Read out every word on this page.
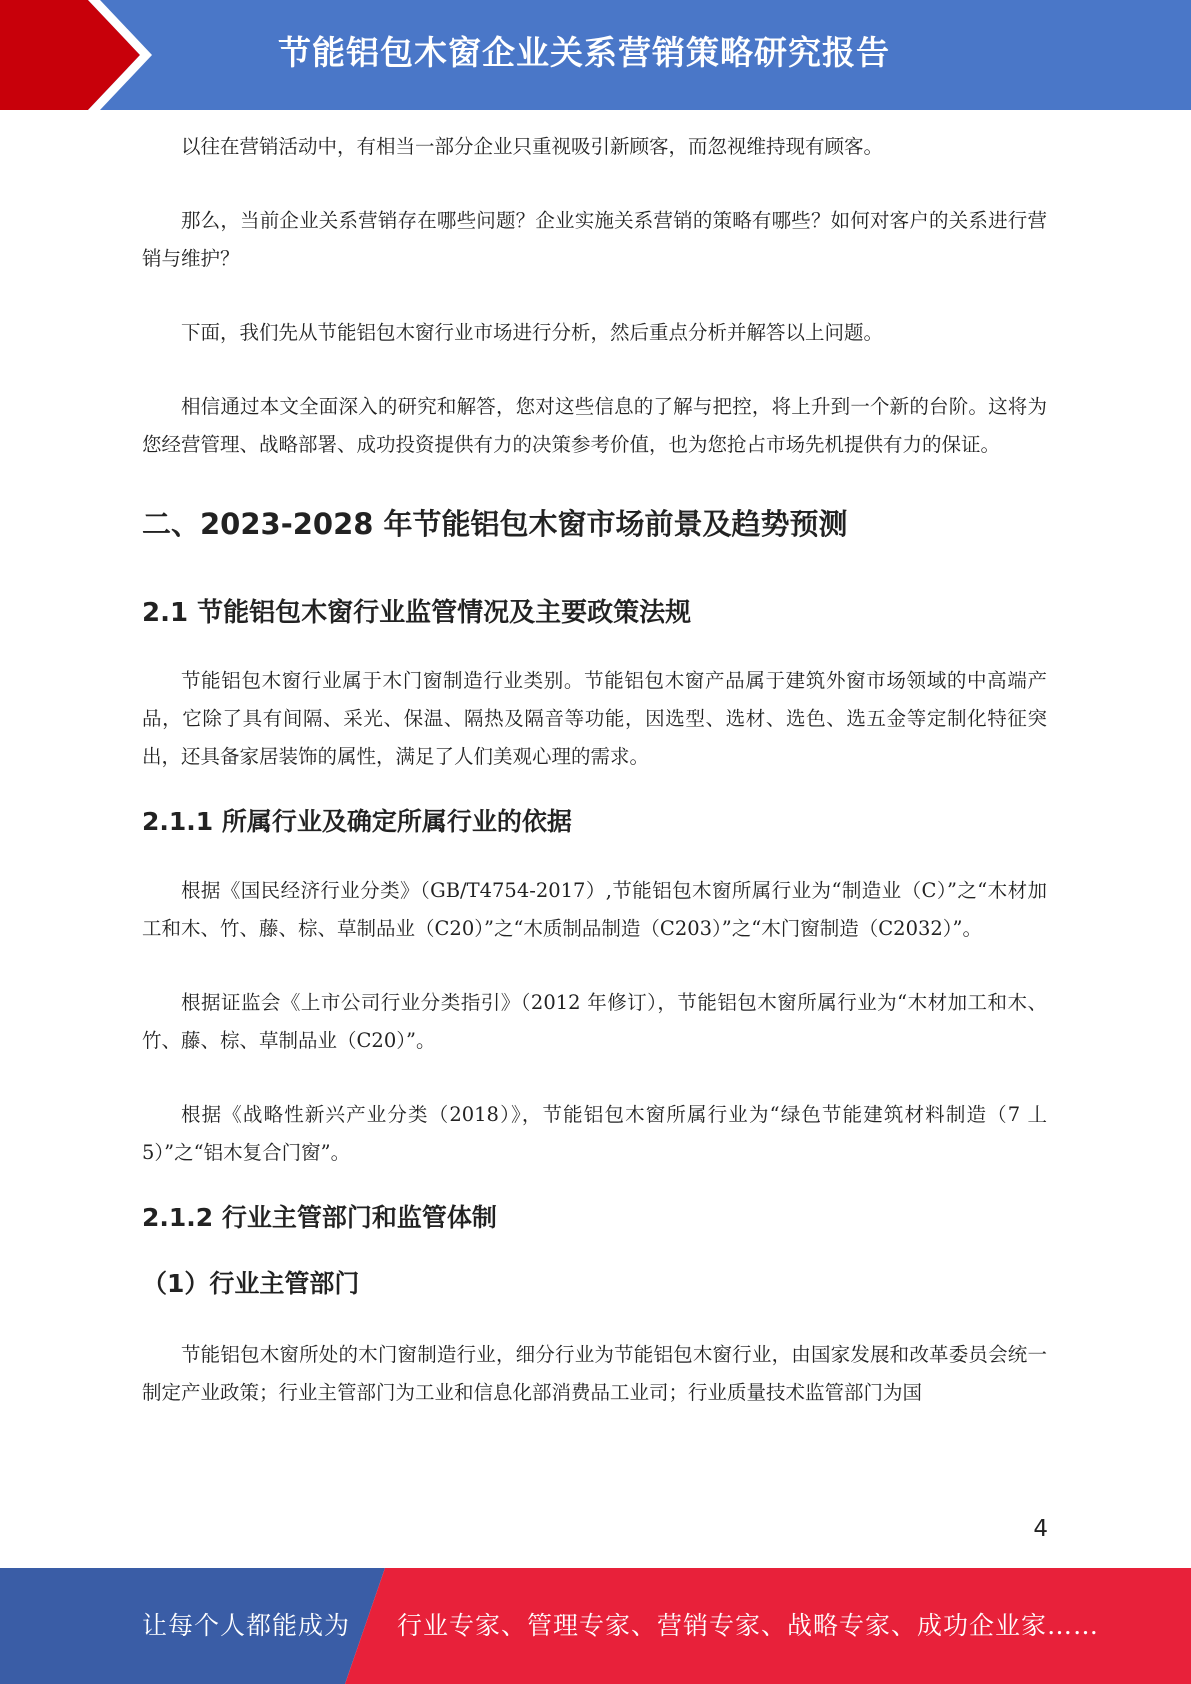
节能铝包木窗企业关系营销策略研究报告

以往在营销活动中，有相当一部分企业只重视吸引新顾客，而忽视维持现有顾客。

那么，当前企业关系营销存在哪些问题？企业实施关系营销的策略有哪些？如何对客户的关系进行营销与维护？

下面，我们先从节能铝包木窗行业市场进行分析，然后重点分析并解答以上问题。

相信通过本文全面深入的研究和解答，您对这些信息的了解与把控，将上升到一个新的台阶。这将为您经营管理、战略部署、成功投资提供有力的决策参考价值，也为您抢占市场先机提供有力的保证。

二、2023-2028 年节能铝包木窗市场前景及趋势预测
2.1 节能铝包木窗行业监管情况及主要政策法规

节能铝包木窗行业属于木门窗制造行业类别。节能铝包木窗产品属于建筑外窗市场领域的中高端产品，它除了具有间隔、采光、保温、隔热及隔音等功能，因选型、选材、选色、选五金等定制化特征突出，还具备家居装饰的属性，满足了人们美观心理的需求。

2.1.1 所属行业及确定所属行业的依据

根据《国民经济行业分类》（GB/T4754-2017）,节能铝包木窗所属行业为“制造业（C）”之“木材加工和木、竹、藤、棕、草制品业（C20）”之“木质制品制造（C203）”之“木门窗制造（C2032）”。

根据证监会《上市公司行业分类指引》（2012 年修订），节能铝包木窗所属行业为“木材加工和木、竹、藤、棕、草制品业（C20）”。

根据《战略性新兴产业分类（2018）》，节能铝包木窗所属行业为“绿色节能建筑材料制造（7 丄 5）”之“铝木复合门窗”。

2.1.2 行业主管部门和监管体制
（1）行业主管部门

节能铝包木窗所处的木门窗制造行业，细分行业为节能铝包木窗行业，由国家发展和改革委员会统一制定产业政策；行业主管部门为工业和信息化部消费品工业司；行业质量技术监管部门为国

4
让每个人都能成为 行业专家、管理专家、营销专家、战略专家、成功企业家……
